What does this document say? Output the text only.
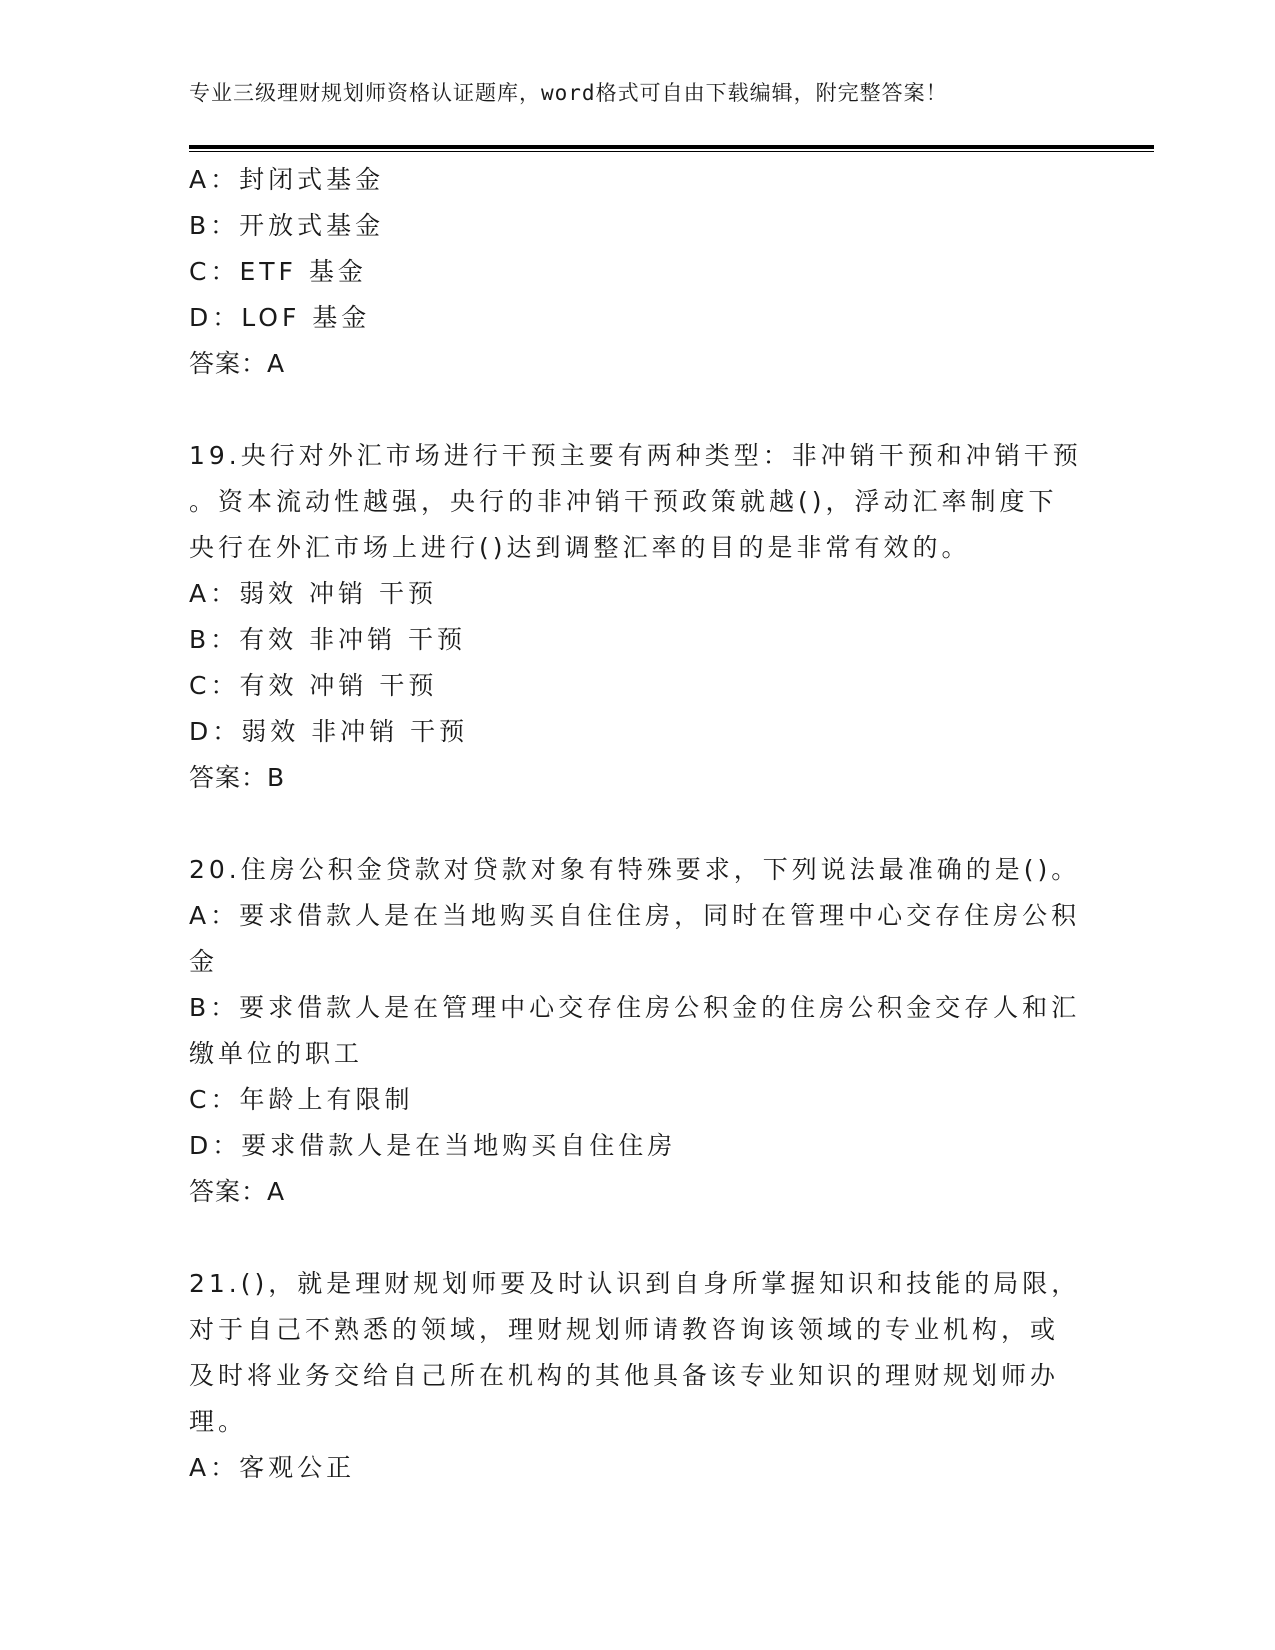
专业三级理财规划师资格认证题库，word格式可自由下载编辑，附完整答案！
A：封闭式基金
B：开放式基金
C：ETF 基金
D：LOF 基金
答案：A
19.央行对外汇市场进行干预主要有两种类型：非冲销干预和冲销干预
。资本流动性越强，央行的非冲销干预政策就越()，浮动汇率制度下
央行在外汇市场上进行()达到调整汇率的目的是非常有效的。
A：弱效 冲销 干预
B：有效 非冲销 干预
C：有效 冲销 干预
D：弱效 非冲销 干预
答案：B
20.住房公积金贷款对贷款对象有特殊要求，下列说法最准确的是()。
A：要求借款人是在当地购买自住住房，同时在管理中心交存住房公积
金
B：要求借款人是在管理中心交存住房公积金的住房公积金交存人和汇
缴单位的职工
C：年龄上有限制
D：要求借款人是在当地购买自住住房
答案：A
21.()，就是理财规划师要及时认识到自身所掌握知识和技能的局限，
对于自己不熟悉的领域，理财规划师请教咨询该领域的专业机构，或
及时将业务交给自己所在机构的其他具备该专业知识的理财规划师办
理。
A：客观公正
